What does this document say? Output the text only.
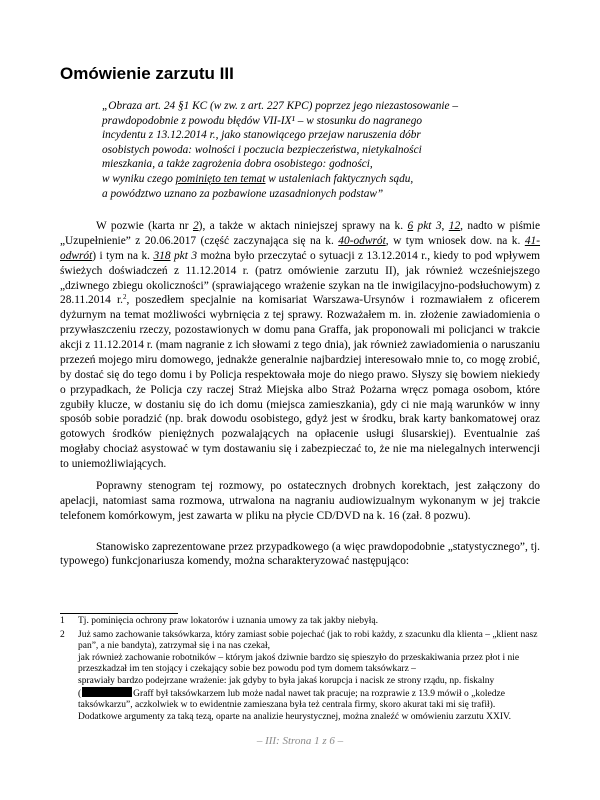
Omówienie zarzutu III
„Obraza art. 24 §1 KC (w zw. z art. 227 KPC) poprzez jego niezastosowanie –
prawdopodobnie z powodu błędów VII-IX¹ – w stosunku do nagranego
incydentu z 13.12.2014 r., jako stanowiącego przejaw naruszenia dóbr
osobistych powoda: wolności i poczucia bezpieczeństwa, nietykalności
mieszkania, a także zagrożenia dobra osobistego: godności,
w wyniku czego pominięto ten temat w ustaleniach faktycznych sądu,
a powództwo uznano za pozbawione uzasadnionych podstaw”

W pozwie (karta nr 2), a także w aktach niniejszej sprawy na k. 6 pkt 3, 12, nadto w piśmie „Uzupełnienie” z 20.06.2017 (część zaczynająca się na k. 40-odwrót, w tym wniosek dow. na k. 41-odwrót) i tym na k. 318 pkt 3 można było przeczytać o sytuacji z 13.12.2014 r., kiedy to pod wpływem świeżych doświadczeń z 11.12.2014 r. (patrz omówienie zarzutu II), jak również wcześniejszego „dziwnego zbiegu okoliczności” (sprawiającego wrażenie szykan na tle inwigilacyjno-podsłuchowym) z 28.11.2014 r.$^2$, poszedłem specjalnie na komisariat Warszawa-Ursynów i rozmawiałem z oficerem dyżurnym na temat możliwości wybrnięcia z tej sprawy. Rozważałem m. in. złożenie zawiadomienia o przywłaszczeniu rzeczy, pozostawionych w domu pana Graffa, jak proponowali mi policjanci w trakcie akcji z 11.12.2014 r. (mam nagranie z ich słowami z tego dnia), jak również zawiadomienia o naruszaniu przezeń mojego miru domowego, jednakże generalnie najbardziej interesowało mnie to, co mogę zrobić, by dostać się do tego domu i by Policja respektowała moje do niego prawo. Słyszy się bowiem niekiedy o przypadkach, że Policja czy raczej Straż Miejska albo Straż Pożarna wręcz pomaga osobom, które zgubiły klucze, w dostaniu się do ich domu (miejsca zamieszkania), gdy ci nie mają warunków w inny sposób sobie poradzić (np. brak dowodu osobistego, gdyż jest w środku, brak karty bankomatowej oraz gotowych środków pieniężnych pozwalających na opłacenie usługi ślusarskiej). Eventualnie zaś mogłaby chociaż asystować w tym dostawaniu się i zabezpieczać to, że nie ma nielegalnych interwencji to uniemożliwiających.

Poprawny stenogram tej rozmowy, po ostatecznych drobnych korektach, jest załączony do apelacji, natomiast sama rozmowa, utrwalona na nagraniu audiowizualnym wykonanym w jej trakcie telefonem komórkowym, jest zawarta w pliku na płycie CD/DVD na k. 16 (zał. 8 pozwu).

Stanowisko zaprezentowane przez przypadkowego (a więc prawdopodobnie „statystycznego”, tj. typowego) funkcjonariusza komendy, można scharakteryzować następująco:

1 Tj. pominięcia ochrony praw lokatorów i uznania umowy za tak jakby niebyłą.
2 Już samo zachowanie taksówkarza, który zamiast sobie pojechać (jak to robi każdy, z szacunku dla klienta – „klient nasz pan”, a nie bandyta), zatrzymał się i na nas czekał,
jak również zachowanie robotników – którym jakoś dziwnie bardzo się spieszyło do przeskakiwania przez płot i nie przeszkadzał im ten stojący i czekający sobie bez powodu pod tym domem taksówkarz –
sprawiały bardzo podejrzane wrażenie: jak gdyby to była jakaś korupcja i nacisk ze strony rządu, np. fiskalny
(	Graff był taksówkarzem lub może nadal nawet tak pracuje; na rozprawie z 13.9 mówił o „koledze taksówkarzu”, aczkolwiek w to ewidentnie zamieszana była też centrala firmy, skoro akurat taki mi się trafił).
Dodatkowe argumenty za taką tezą, oparte na analizie heurystycznej, można znaleźć w omówieniu zarzutu XXIV.
– III: Strona 1 z 6 –
